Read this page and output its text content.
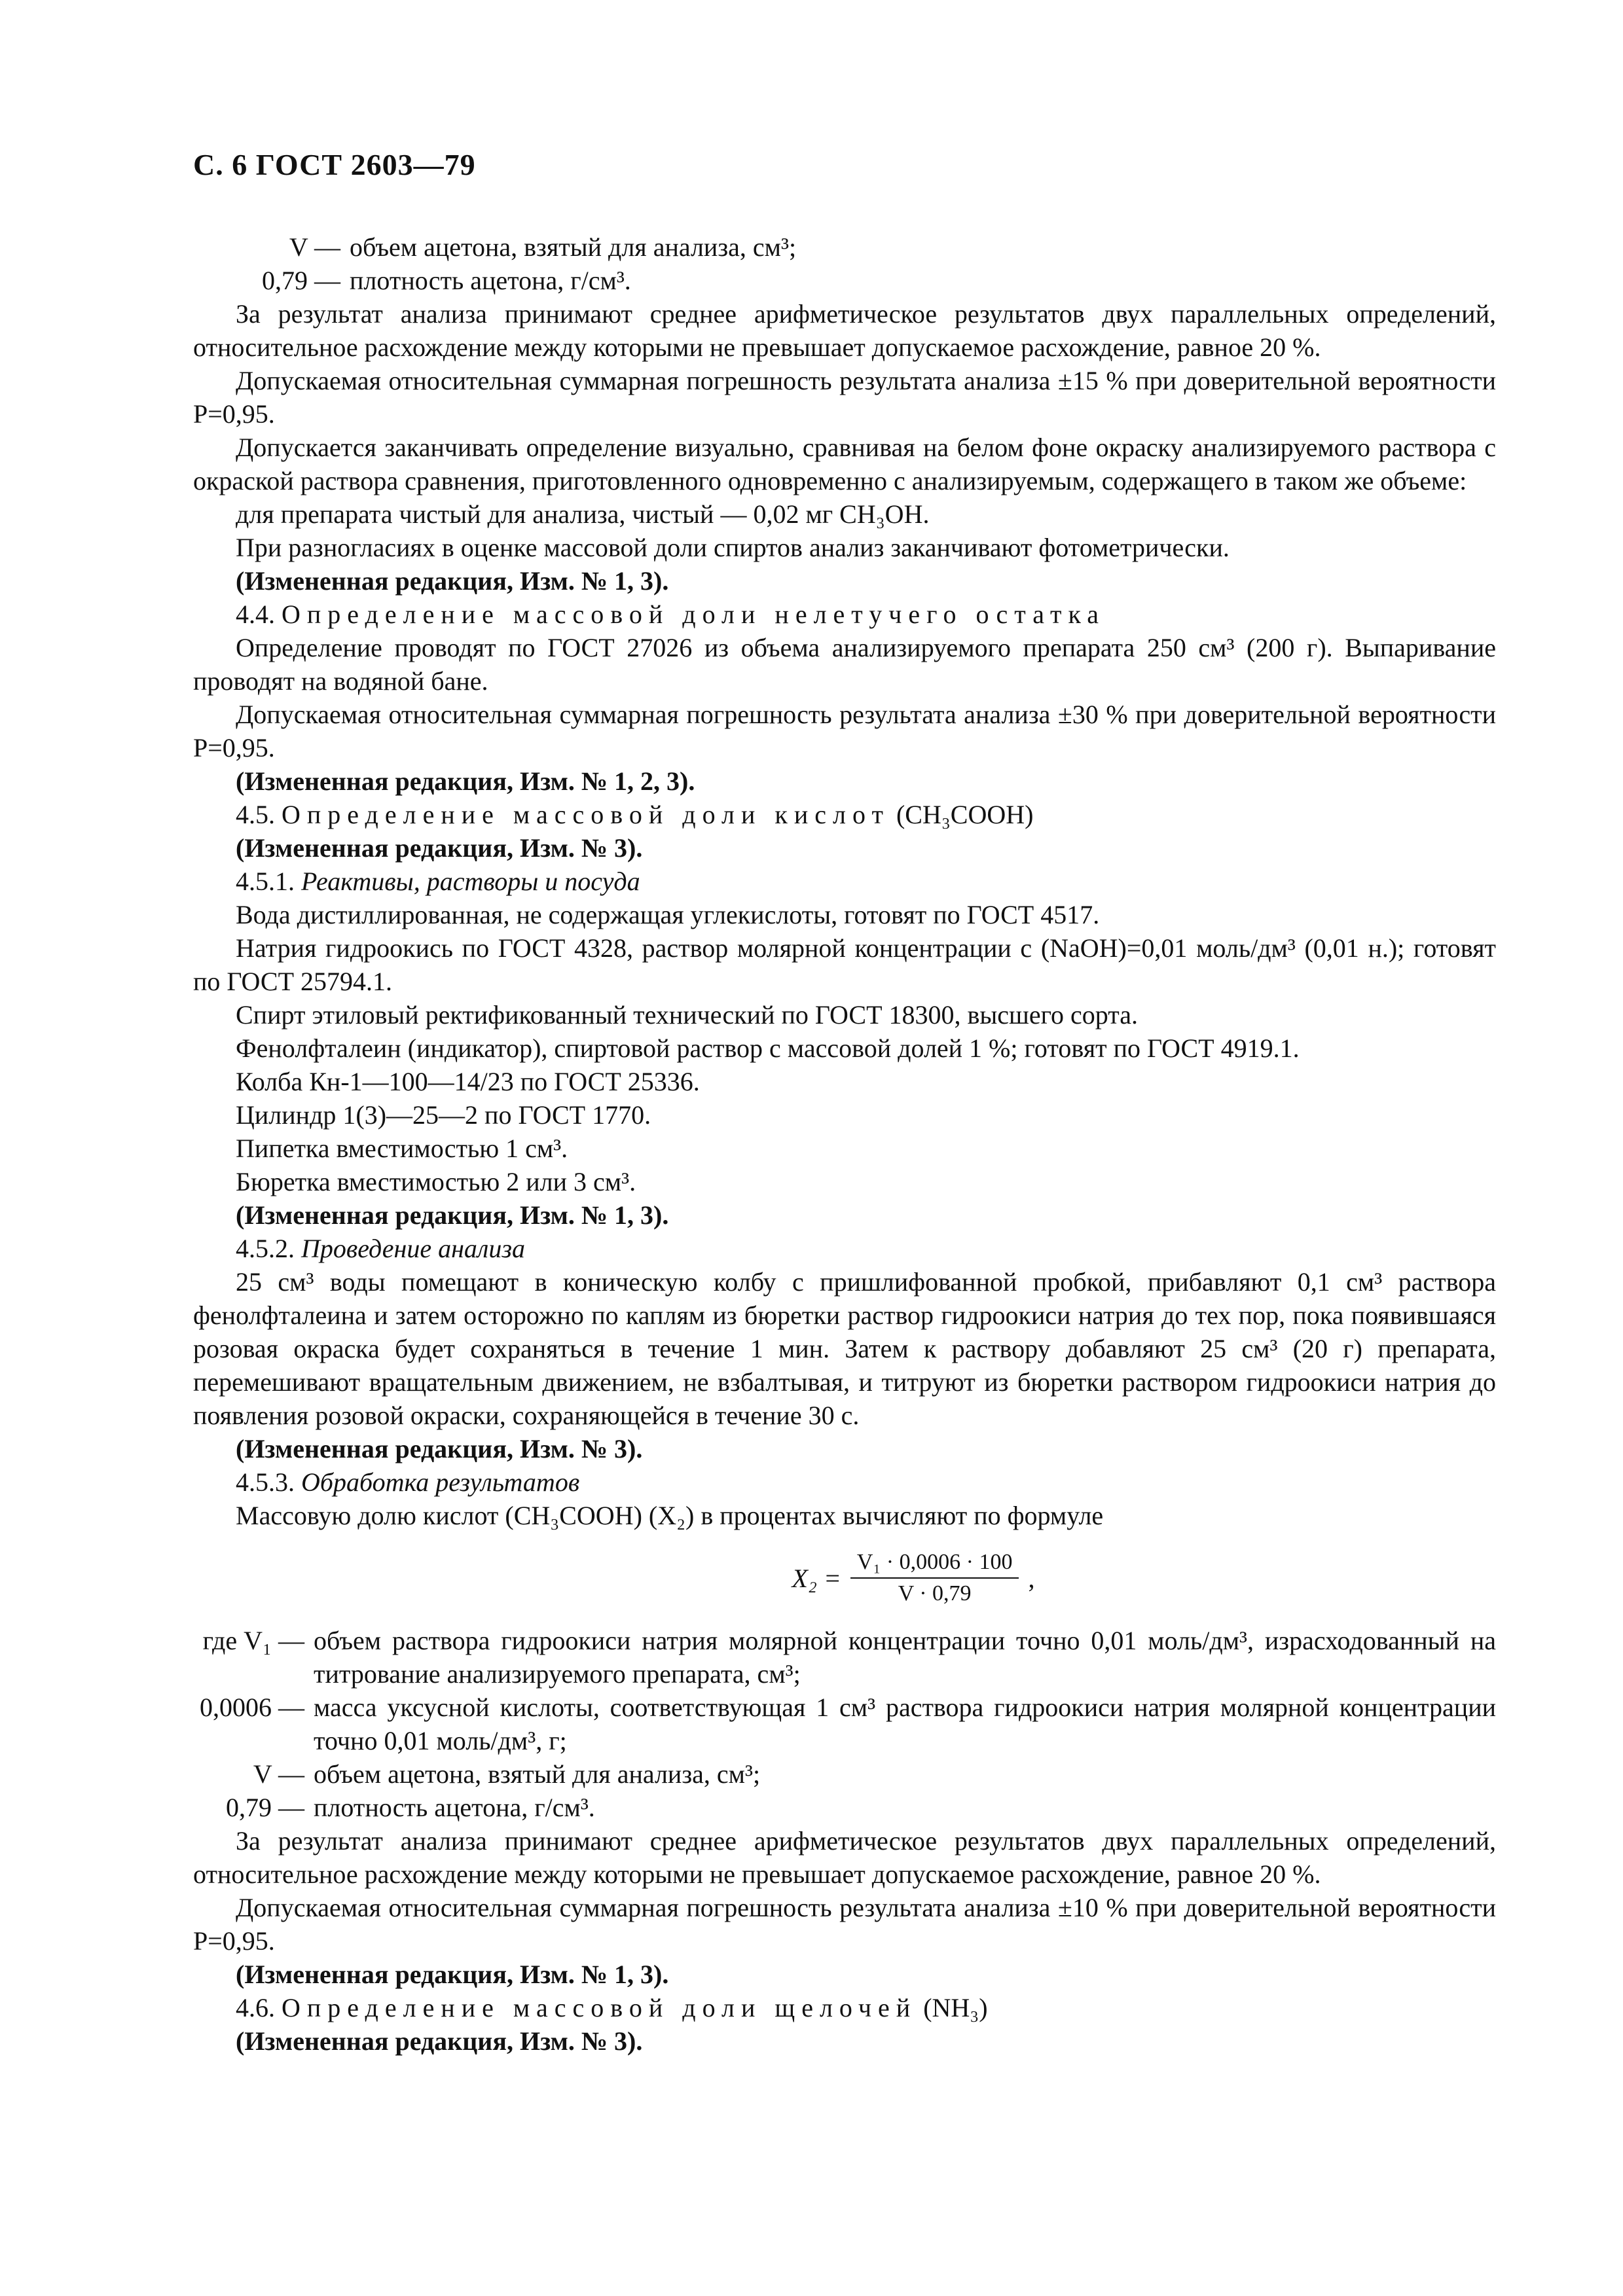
С. 6 ГОСТ 2603—79
V — объем ацетона, взятый для анализа, см³;
0,79 — плотность ацетона, г/см³.

За результат анализа принимают среднее арифметическое результатов двух параллельных определений, относительное расхождение между которыми не превышает допускаемое расхождение, равное 20 %.

Допускаемая относительная суммарная погрешность результата анализа ±15 % при доверительной вероятности P=0,95.

Допускается заканчивать определение визуально, сравнивая на белом фоне окраску анализируемого раствора с окраской раствора сравнения, приготовленного одновременно с анализируемым, содержащего в таком же объеме:

для препарата чистый для анализа, чистый — 0,02 мг CH₃OH.

При разногласиях в оценке массовой доли спиртов анализ заканчивают фотометрически.

(Измененная редакция, Изм. № 1, 3).

4.4. Определение массовой доли нелетучего остатка

Определение проводят по ГОСТ 27026 из объема анализируемого препарата 250 см³ (200 г). Выпаривание проводят на водяной бане.

Допускаемая относительная суммарная погрешность результата анализа ±30 % при доверительной вероятности P=0,95.

(Измененная редакция, Изм. № 1, 2, 3).

4.5. Определение массовой доли кислот (CH₃COOH)

(Измененная редакция, Изм. № 3).

4.5.1. Реактивы, растворы и посуда

Вода дистиллированная, не содержащая углекислоты, готовят по ГОСТ 4517.

Натрия гидроокись по ГОСТ 4328, раствор молярной концентрации c (NaOH)=0,01 моль/дм³ (0,01 н.); готовят по ГОСТ 25794.1.

Спирт этиловый ректификованный технический по ГОСТ 18300, высшего сорта.

Фенолфталеин (индикатор), спиртовой раствор с массовой долей 1 %; готовят по ГОСТ 4919.1.

Колба Кн-1—100—14/23 по ГОСТ 25336.

Цилиндр 1(3)—25—2 по ГОСТ 1770.

Пипетка вместимостью 1 см³.

Бюретка вместимостью 2 или 3 см³.

(Измененная редакция, Изм. № 1, 3).

4.5.2. Проведение анализа

25 см³ воды помещают в коническую колбу с пришлифованной пробкой, прибавляют 0,1 см³ раствора фенолфталеина и затем осторожно по каплям из бюретки раствор гидроокиси натрия до тех пор, пока появившаяся розовая окраска будет сохраняться в течение 1 мин. Затем к раствору добавляют 25 см³ (20 г) препарата, перемешивают вращательным движением, не взбалтывая, и титруют из бюретки раствором гидроокиси натрия до появления розовой окраски, сохраняющейся в течение 30 с.

(Измененная редакция, Изм. № 3).

4.5.3. Обработка результатов

Массовую долю кислот (CH₃COOH) (X₂) в процентах вычисляют по формуле

$X_2 = \frac{\text{V₁ · 0,0006 · 100}}{V \cdot 0,79}$ ,
где V₁ — объем раствора гидроокиси натрия молярной концентрации точно 0,01 моль/дм³, израсходованный на титрование анализируемого препарата, см³;
0,0006 — масса уксусной кислоты, соответствующая 1 см³ раствора гидроокиси натрия молярной концентрации точно 0,01 моль/дм³, г;
V — объем ацетона, взятый для анализа, см³;
0,79 — плотность ацетона, г/см³.

За результат анализа принимают среднее арифметическое результатов двух параллельных определений, относительное расхождение между которыми не превышает допускаемое расхождение, равное 20 %.

Допускаемая относительная суммарная погрешность результата анализа ±10 % при доверительной вероятности P=0,95.

(Измененная редакция, Изм. № 1, 3).

4.6. Определение массовой доли щелочей (NH₃)

(Измененная редакция, Изм. № 3).
